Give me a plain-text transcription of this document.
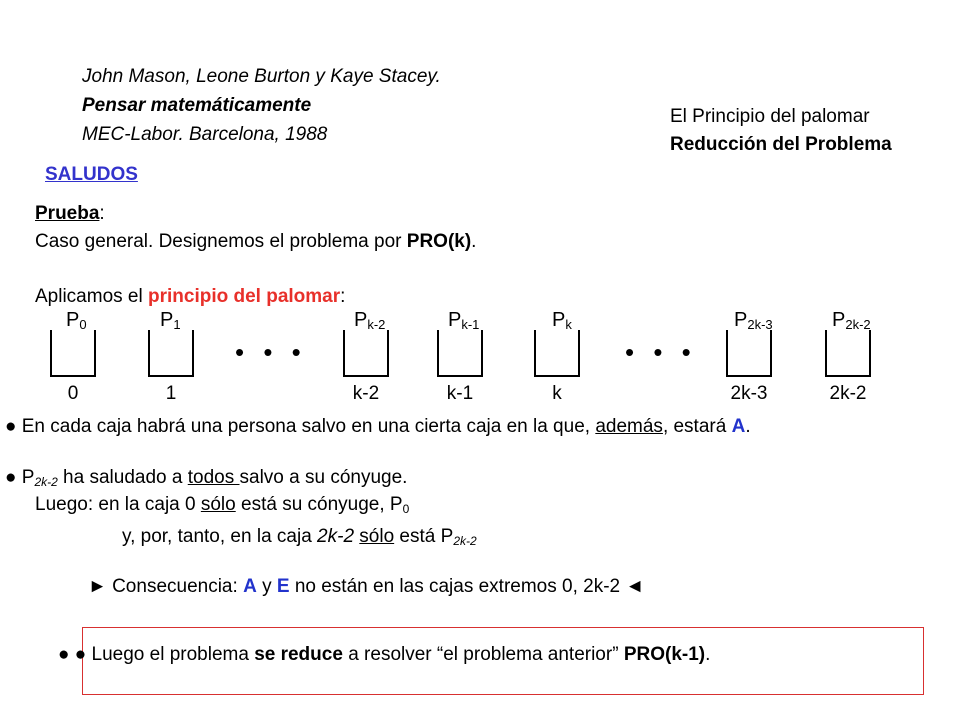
John Mason, Leone Burton y Kaye Stacey.
Pensar matemáticamente
MEC-Labor. Barcelona, 1988
El Principio del palomar
Reducción del Problema
SALUDOS
Prueba:
Caso general. Designemos el problema por PRO(k).
Aplicamos el principio del palomar:
$P_0$
0
$P_1$
1
$P_{k-2}$
k-2
$P_{k-1}$
k-1
$P_k$
k
$P_{2k-3}$
2k-3
$P_{2k-2}$
2k-2
• • •	• • •
● En cada caja habrá una persona salvo en una cierta caja en la que, además, estará A.
● $P_{2k-2}$ ha saludado a todos salvo a su cónyuge.
Luego: en la caja 0 sólo está su cónyuge, $P_0$
y, por, tanto, en la caja 2k-2 sólo está $P_{2k-2}$
► Consecuencia: A y E no están en las cajas extremos 0, 2k-2 ◄
● ● Luego el problema se reduce a resolver “el problema anterior” PRO(k-1).
